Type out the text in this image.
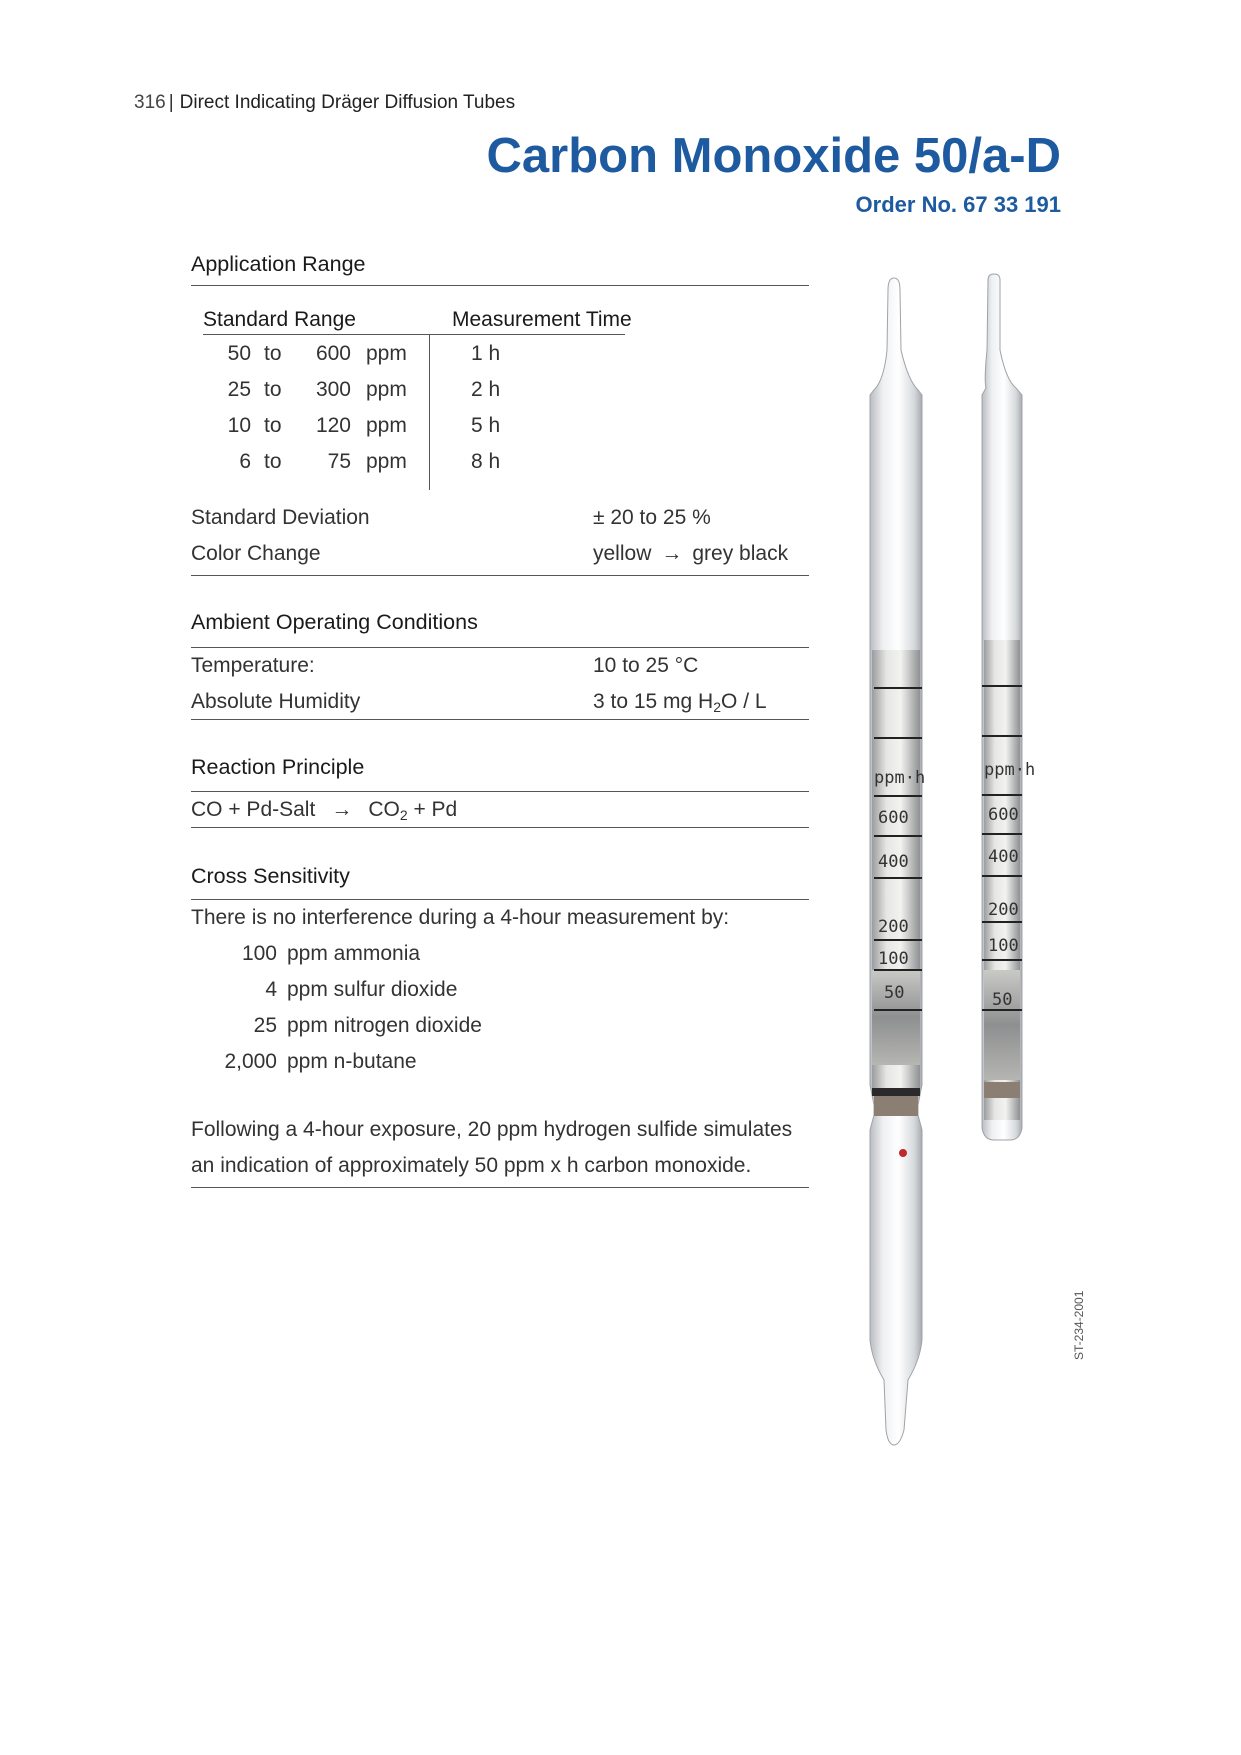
316 | Direct Indicating Dräger Diffusion Tubes
Carbon Monoxide 50/a-D
Order No. 67 33 191
Application Range
Standard Range	Measurement Time
50 to	600 ppm	1 h
25 to	300 ppm	2 h
10 to	120 ppm	5 h
6 to	75 ppm	8 h
Standard Deviation	± 20 to 25 %
Color Change	yellow → grey black
Ambient Operating Conditions
Temperature:	10 to 25 °C
Absolute Humidity	3 to 15 mg $H_2O$ / L
Reaction Principle
CO + Pd-Salt → $CO_2 + Pd$
Cross Sensitivity
There is no interference during a 4-hour measurement by:
100 ppm ammonia
4 ppm sulfur dioxide
25 ppm nitrogen dioxide
2,000 ppm n-butane
Following a 4-hour exposure, 20 ppm hydrogen sulfide simulates
an indication of approximately 50 ppm x h carbon monoxide.
ppm·h
600
400
200
100
50
ppm·h
600
400
200
100
50
ST-234-2001
